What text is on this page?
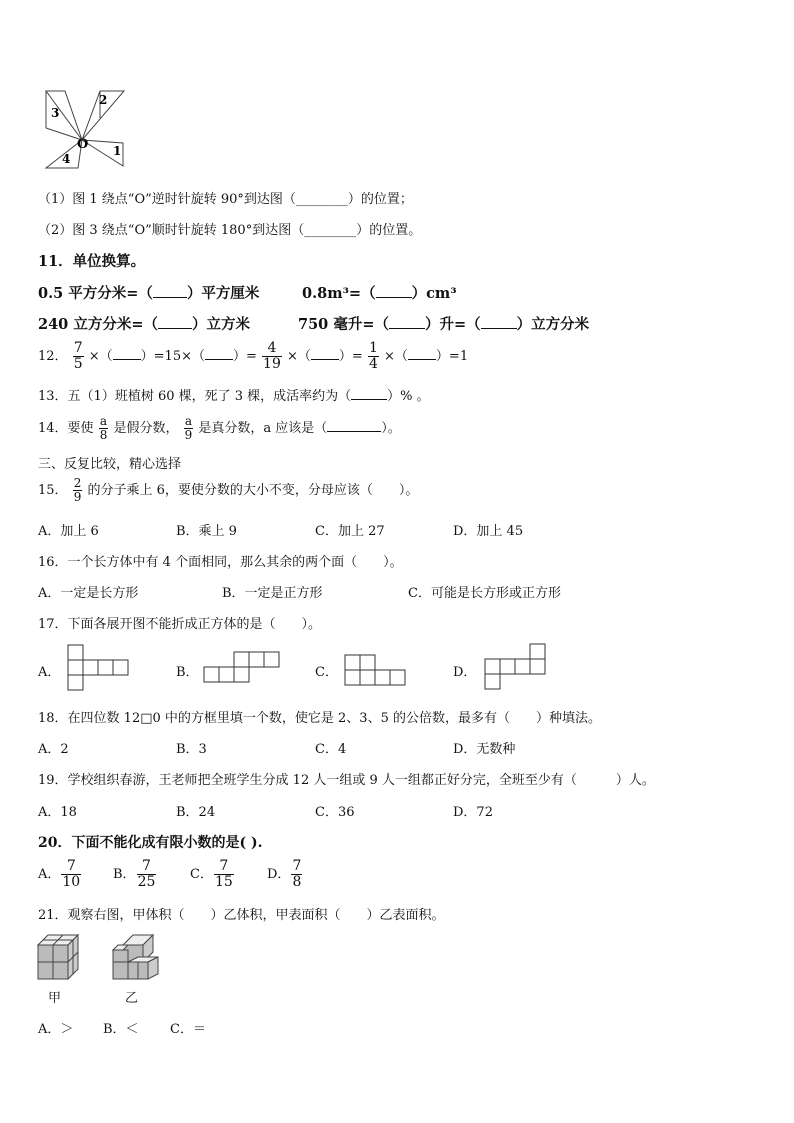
2
3
4
1
O
（1）图 1 绕点“O”逆时针旋转 90°到达图（________）的位置；
（2）图 3 绕点“O”顺时针旋转 180°到达图（________）的位置。
11．单位换算。
0.5 平方分米=（ ）平方厘米	0.8m³=（ ）cm³
240 立方分米=（ ）立方米	750 毫升=（ ）升=（ ）立方分米
12． $\frac{7}{5}$ ×（ ）=15×（ ）= $\frac{4}{19}$ ×（ ）= $\frac{1}{4}$ ×（ ）=1
13．五（1）班植树 60 棵，死了 3 棵，成活率约为（	）% 。
14．要使 $\frac{a}{8}$ 是假分数， $\frac{a}{9}$ 是真分数，a 应该是（	）。
三、反复比较，精心选择
15． $\frac{2}{9}$ 的分子乘上 6，要使分数的大小不变，分母应该（　　）。
A．加上 6	B．乘上 9	C．加上 27	D．加上 45
16．一个长方体中有 4 个面相同，那么其余的两个面（　　）。
A．一定是长方形	B．一定是正方形	C．可能是长方形或正方形
17．下面各展开图不能折成正方体的是（　　）。
A．	B．	C．	D．
18．在四位数 12□0 中的方框里填一个数，使它是 2、3、5 的公倍数，最多有（　　）种填法。
A．2	B．3	C．4	D．无数种
19．学校组织春游，王老师把全班学生分成 12 人一组或 9 人一组都正好分完，全班至少有（　　　）人。
A．18	B．24	C．36	D．72
20．下面不能化成有限小数的是( ).
A． $\frac{7}{10}$ B． $\frac{7}{25}$	C． $\frac{7}{15}$	D． $\frac{7}{8}$
21．观察右图，甲体积（　　）乙体积，甲表面积（　　）乙表面积。
甲	乙
A．＞ B．＜ C．＝
